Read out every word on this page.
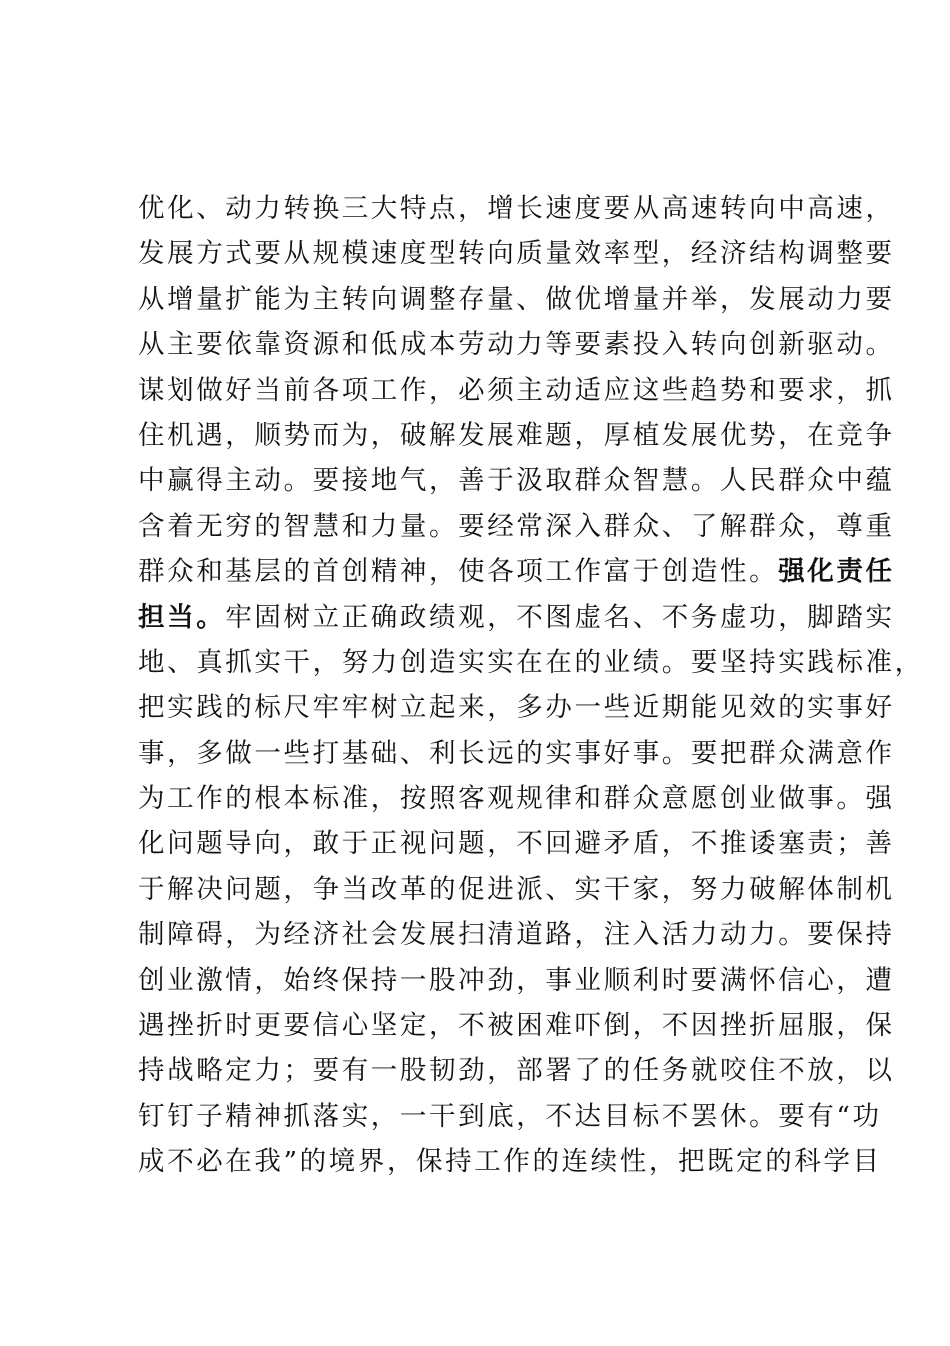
优化、动力转换三大特点，增长速度要从高速转向中高速，
发展方式要从规模速度型转向质量效率型，经济结构调整要
从增量扩能为主转向调整存量、做优增量并举，发展动力要
从主要依靠资源和低成本劳动力等要素投入转向创新驱动。
谋划做好当前各项工作，必须主动适应这些趋势和要求，抓
住机遇，顺势而为，破解发展难题，厚植发展优势，在竞争
中赢得主动。要接地气，善于汲取群众智慧。人民群众中蕴
含着无穷的智慧和力量。要经常深入群众、了解群众，尊重
群众和基层的首创精神，使各项工作富于创造性。强化责任
担当。牢固树立正确政绩观，不图虚名、不务虚功，脚踏实
地、真抓实干，努力创造实实在在的业绩。要坚持实践标准，
把实践的标尺牢牢树立起来，多办一些近期能见效的实事好
事，多做一些打基础、利长远的实事好事。要把群众满意作
为工作的根本标准，按照客观规律和群众意愿创业做事。强
化问题导向，敢于正视问题，不回避矛盾，不推诿塞责；善
于解决问题，争当改革的促进派、实干家，努力破解体制机
制障碍，为经济社会发展扫清道路，注入活力动力。要保持
创业激情，始终保持一股冲劲，事业顺利时要满怀信心，遭
遇挫折时更要信心坚定，不被困难吓倒，不因挫折屈服，保
持战略定力；要有一股韧劲，部署了的任务就咬住不放，以
钉钉子精神抓落实，一干到底，不达目标不罢休。要有“功
成不必在我”的境界，保持工作的连续性，把既定的科学目
